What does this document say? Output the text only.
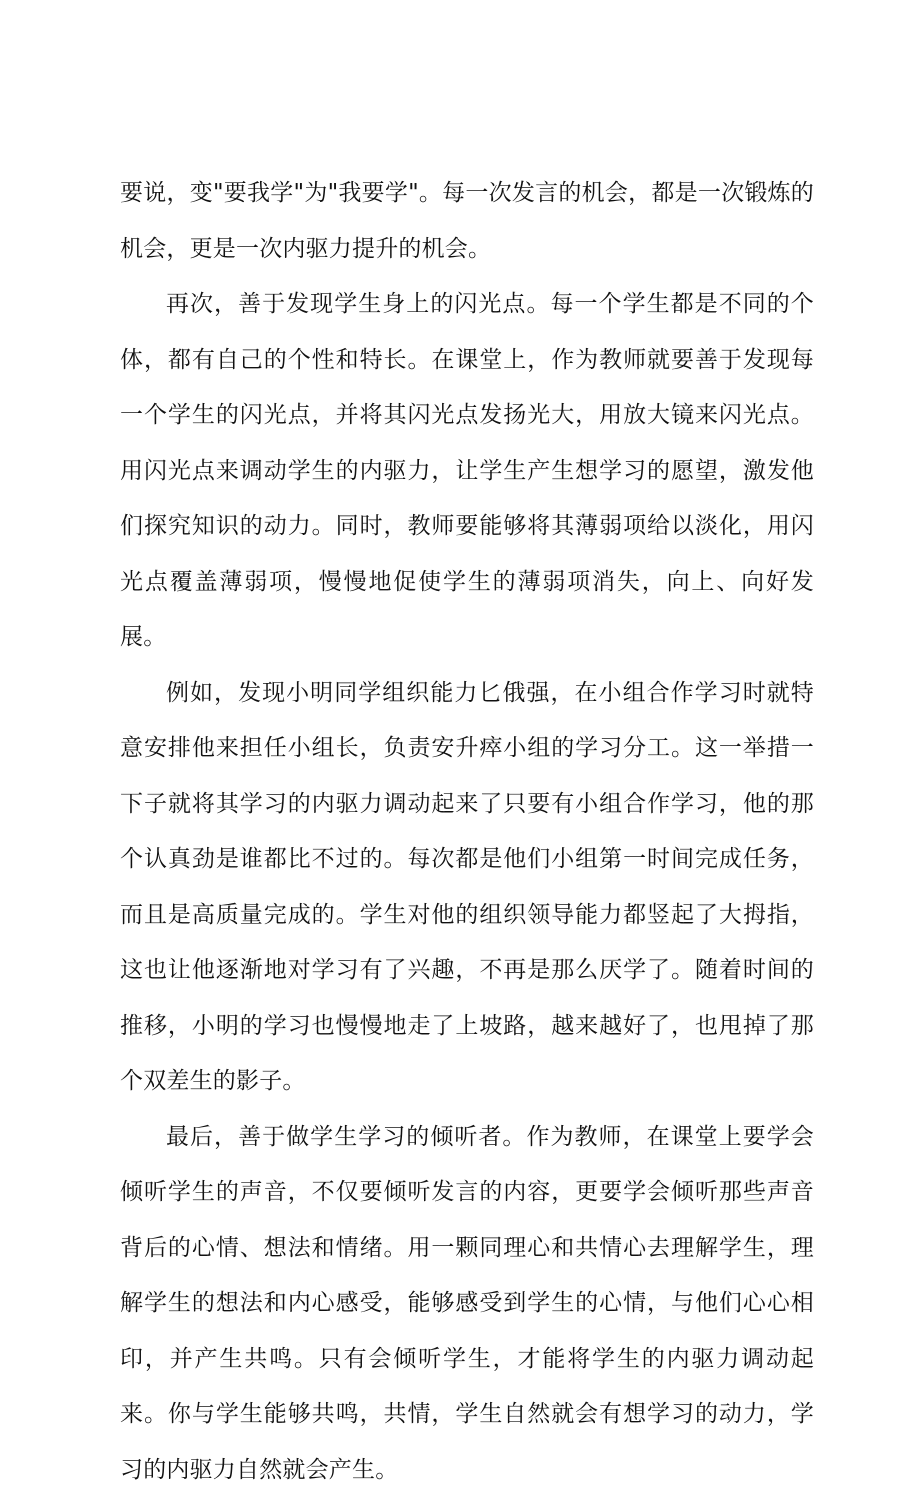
要说，变"要我学"为"我要学"。每一次发言的机会，都是一次锻炼的机会，更是一次内驱力提升的机会。

再次，善于发现学生身上的闪光点。每一个学生都是不同的个体，都有自己的个性和特长。在课堂上，作为教师就要善于发现每一个学生的闪光点，并将其闪光点发扬光大，用放大镜来闪光点。用闪光点来调动学生的内驱力，让学生产生想学习的愿望，激发他们探究知识的动力。同时，教师要能够将其薄弱项给以淡化，用闪光点覆盖薄弱项，慢慢地促使学生的薄弱项消失，向上、向好发展。

例如，发现小明同学组织能力匕俄强，在小组合作学习时就特意安排他来担任小组长，负责安升瘁小组的学习分工。这一举措一下子就将其学习的内驱力调动起来了只要有小组合作学习，他的那个认真劲是谁都比不过的。每次都是他们小组第一时间完成任务，而且是高质量完成的。学生对他的组织领导能力都竖起了大拇指，这也让他逐渐地对学习有了兴趣，不再是那么厌学了。随着时间的推移，小明的学习也慢慢地走了上坡路，越来越好了，也甩掉了那个双差生的影子。

最后，善于做学生学习的倾听者。作为教师，在课堂上要学会倾听学生的声音，不仅要倾听发言的内容，更要学会倾听那些声音背后的心情、想法和情绪。用一颗同理心和共情心去理解学生，理解学生的想法和内心感受，能够感受到学生的心情，与他们心心相印，并产生共鸣。只有会倾听学生，才能将学生的内驱力调动起来。你与学生能够共鸣，共情，学生自然就会有想学习的动力，学习的内驱力自然就会产生。
